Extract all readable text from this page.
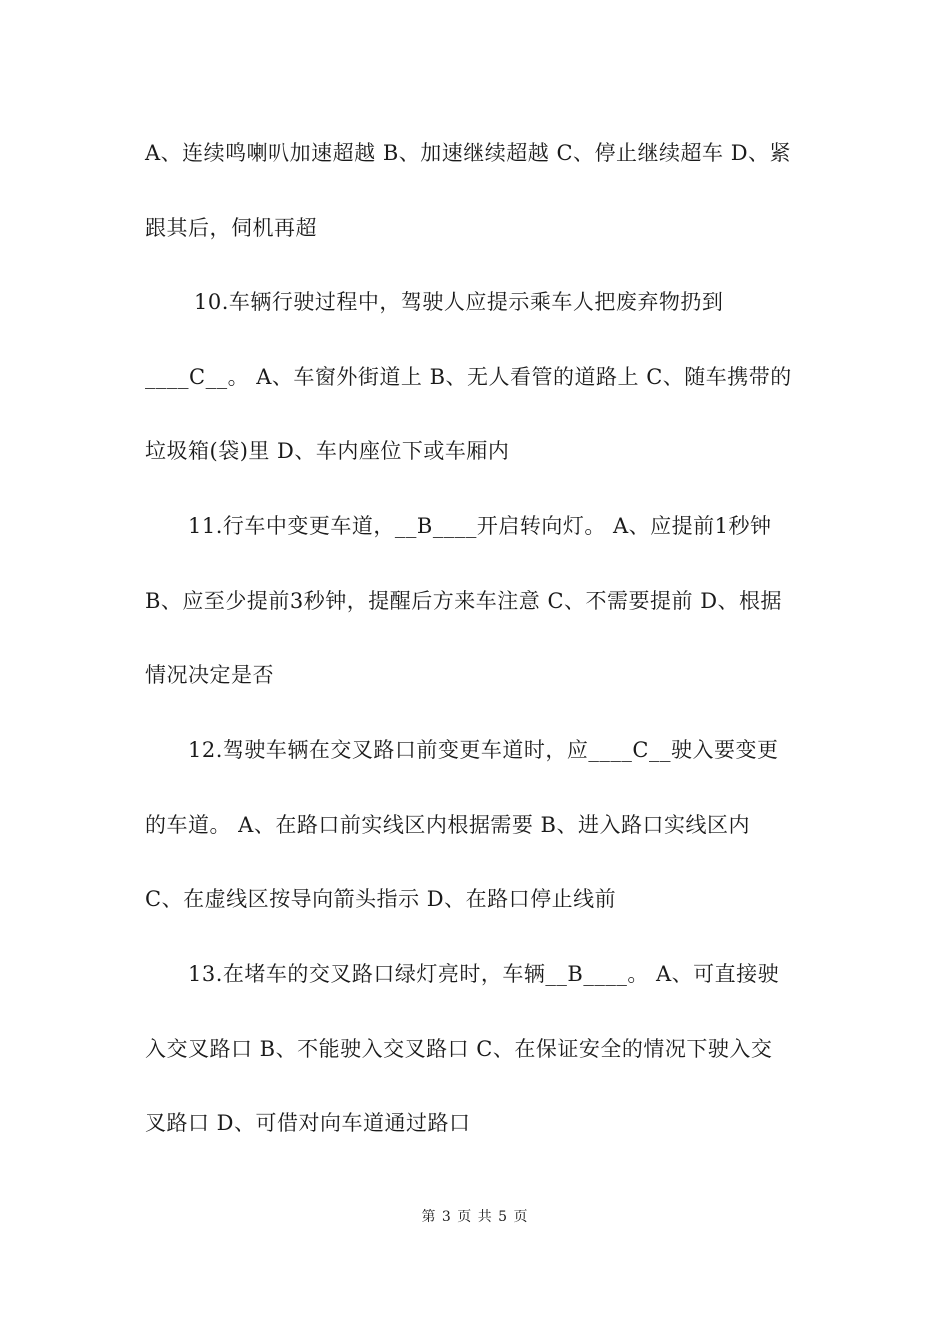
A、连续鸣喇叭加速超越 B、加速继续超越 C、停止继续超车 D、紧
跟其后，伺机再超
10.车辆行驶过程中，驾驶人应提示乘车人把废弃物扔到
____C__。 A、车窗外街道上 B、无人看管的道路上 C、随车携带的
垃圾箱(袋)里 D、车内座位下或车厢内
11.行车中变更车道，__B____开启转向灯。 A、应提前1秒钟
B、应至少提前3秒钟，提醒后方来车注意 C、不需要提前 D、根据
情况决定是否
12.驾驶车辆在交叉路口前变更车道时，应____C__驶入要变更
的车道。 A、在路口前实线区内根据需要 B、进入路口实线区内
C、在虚线区按导向箭头指示 D、在路口停止线前
13.在堵车的交叉路口绿灯亮时，车辆__B____。 A、可直接驶
入交叉路口 B、不能驶入交叉路口 C、在保证安全的情况下驶入交
叉路口 D、可借对向车道通过路口
第 3 页 共 5 页
